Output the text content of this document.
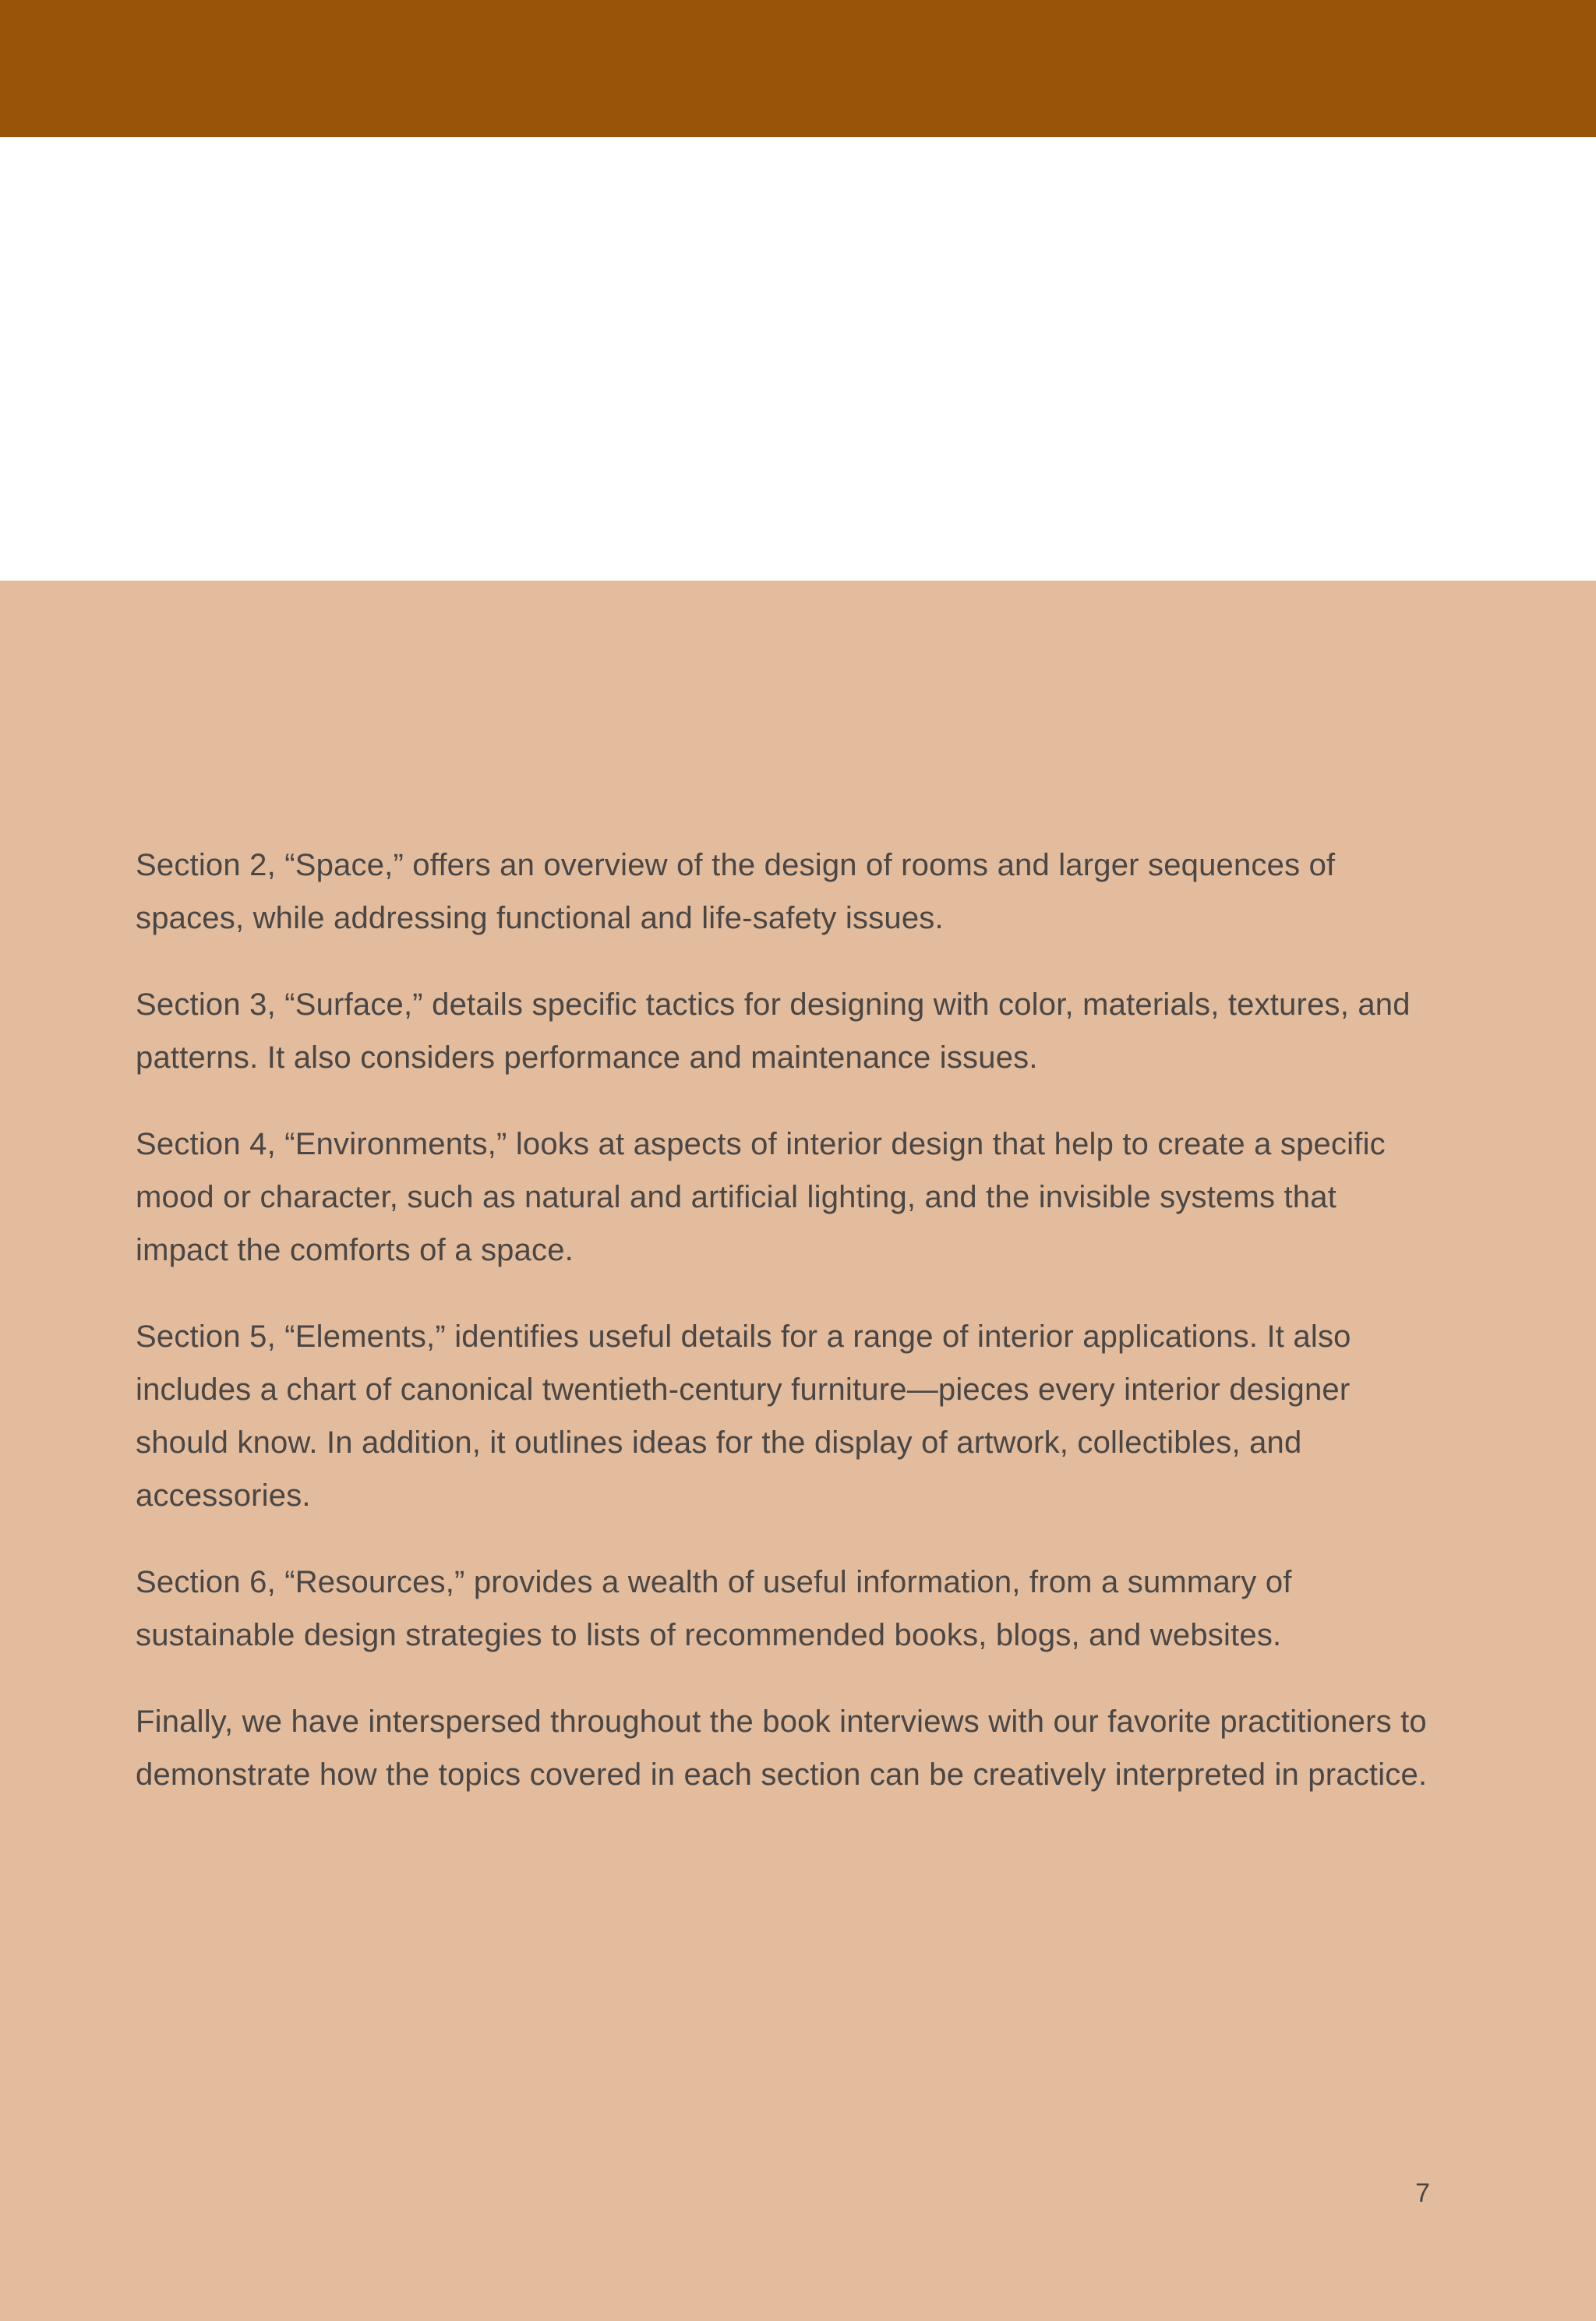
Section 2, “Space,” offers an overview of the design of rooms and larger sequences of spaces, while addressing functional and life-safety issues.

Section 3, “Surface,” details specific tactics for designing with color, materials, textures, and patterns. It also considers performance and maintenance issues.

Section 4, “Environments,” looks at aspects of interior design that help to create a specific mood or character, such as natural and artificial lighting, and the invisible systems that impact the comforts of a space.

Section 5, “Elements,” identifies useful details for a range of interior applications. It also includes a chart of canonical twentieth-century furniture—pieces every interior designer should know. In addition, it outlines ideas for the display of artwork, collectibles, and accessories.

Section 6, “Resources,” provides a wealth of useful information, from a summary of sustainable design strategies to lists of recommended books, blogs, and websites.

Finally, we have interspersed throughout the book interviews with our favorite practitioners to demonstrate how the topics covered in each section can be creatively interpreted in practice.

7
